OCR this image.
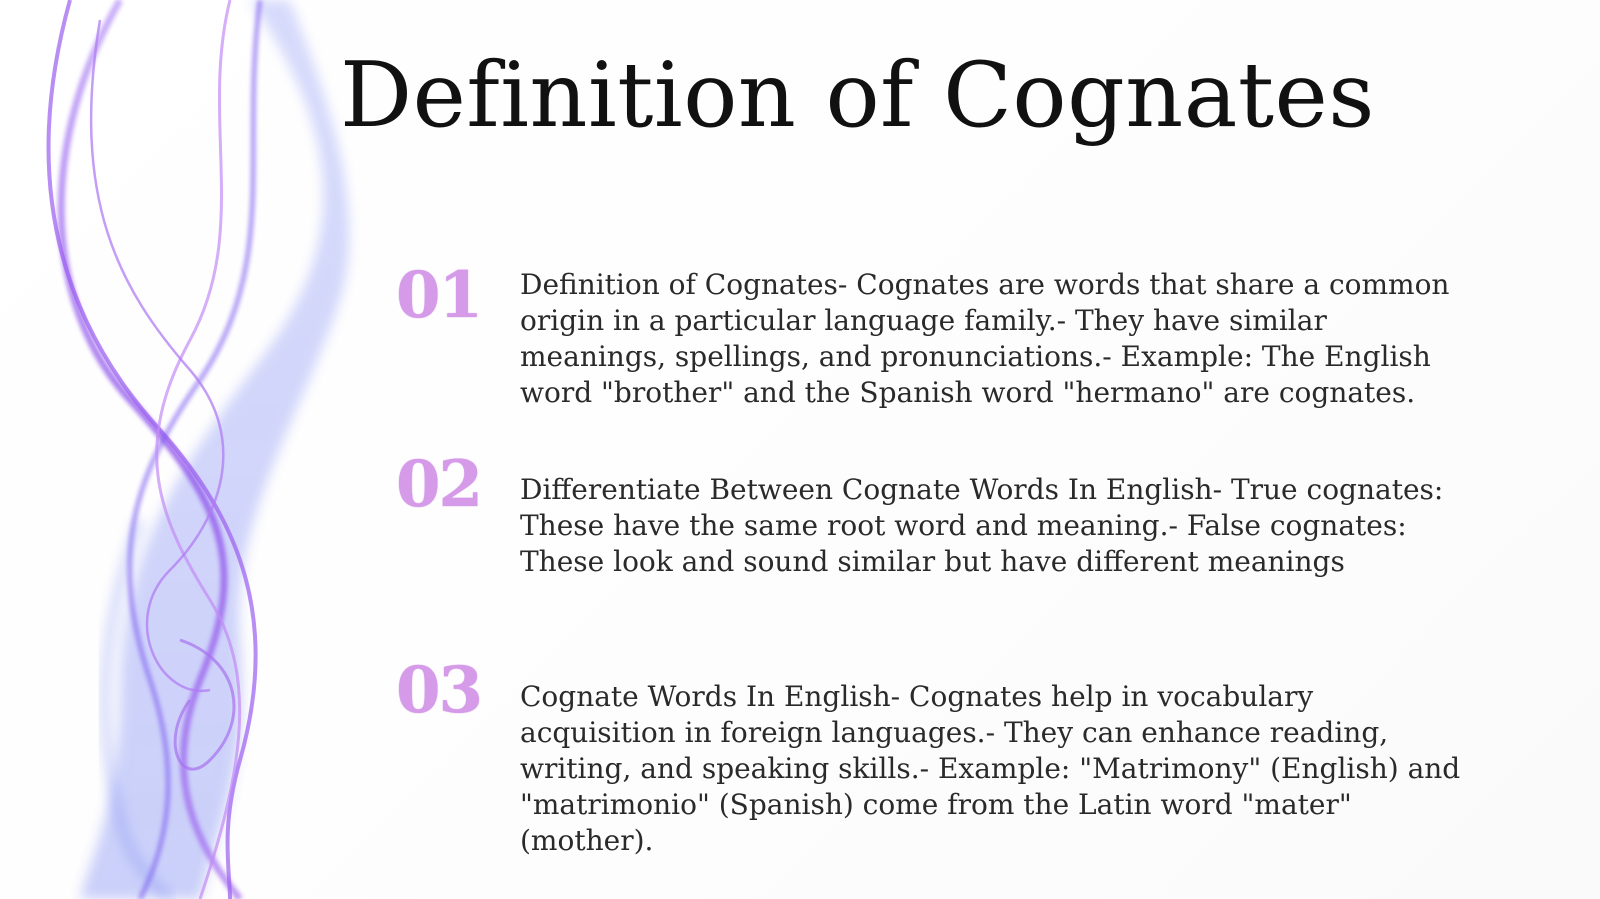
Definition of Cognates
01 Definition of Cognates- Cognates are words that share a common origin in a particular language family.- They have similar meanings, spellings, and pronunciations.- Example: The English word "brother" and the Spanish word "hermano" are cognates.
02 Differentiate Between Cognate Words In English- True cognates: These have the same root word and meaning.- False cognates: These look and sound similar but have different meanings
03 Cognate Words In English- Cognates help in vocabulary acquisition in foreign languages.- They can enhance reading, writing, and speaking skills.- Example: "Matrimony" (English) and "matrimonio" (Spanish) come from the Latin word "mater" (mother).
